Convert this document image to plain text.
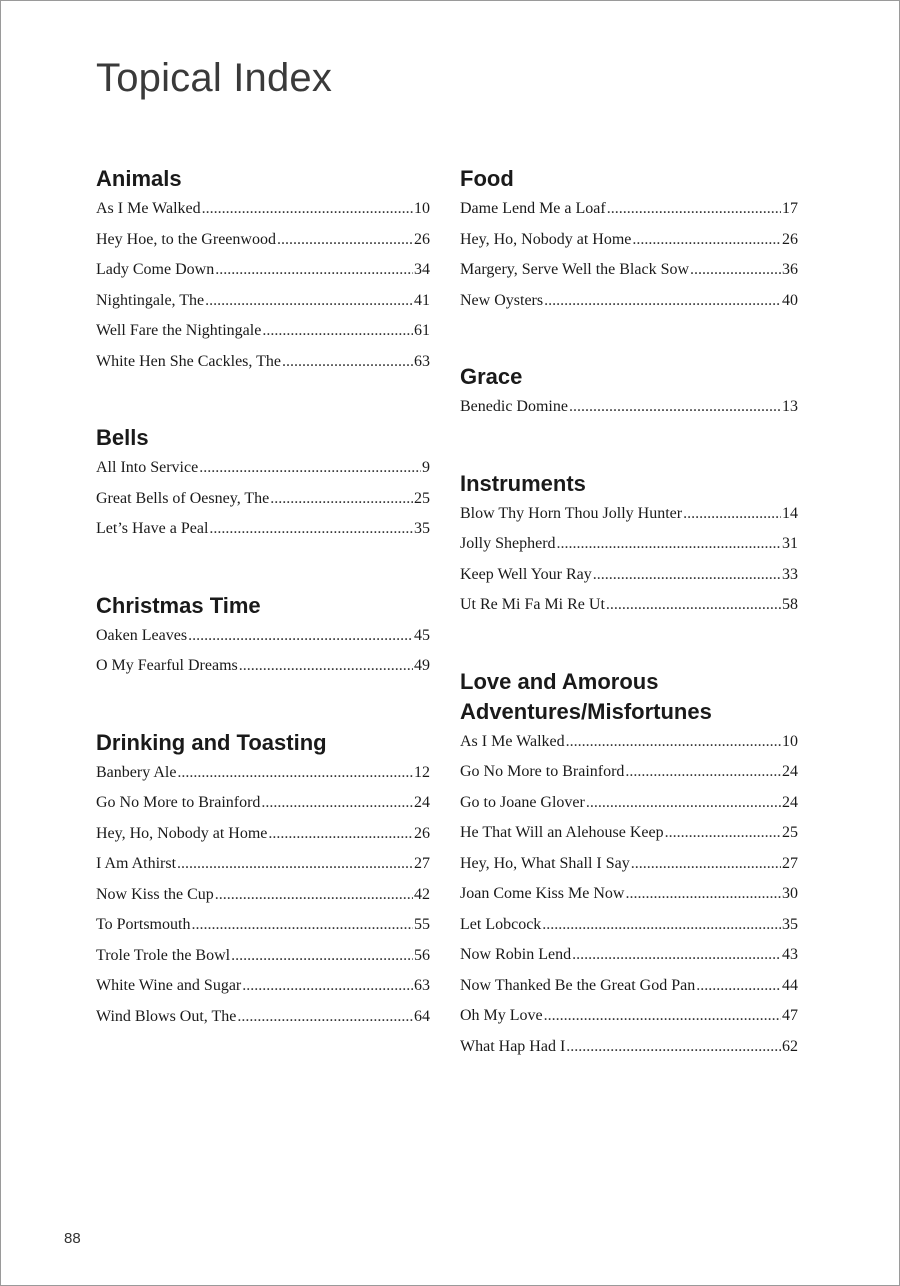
Topical Index
Animals
As I Me Walked .....	10
Hey Hoe, to the Greenwood .....	26
Lady Come Down .....	34
Nightingale, The .....	41
Well Fare the Nightingale .....	61
White Hen She Cackles, The .....	63
Bells
All Into Service .....	9
Great Bells of Oesney, The .....	25
Let’s Have a Peal .....	35
Christmas Time
Oaken Leaves .....	45
O My Fearful Dreams .....	49
Drinking and Toasting
Banbery Ale .....	12
Go No More to Brainford .....	24
Hey, Ho, Nobody at Home .....	26
I Am Athirst .....	27
Now Kiss the Cup .....	42
To Portsmouth .....	55
Trole Trole the Bowl .....	56
White Wine and Sugar .....	63
Wind Blows Out, The .....	64
Food
Dame Lend Me a Loaf .....	17
Hey, Ho, Nobody at Home .....	26
Margery, Serve Well the Black Sow .....	36
New Oysters .....	40
Grace
Benedic Domine .....	13
Instruments
Blow Thy Horn Thou Jolly Hunter .....	14
Jolly Shepherd .....	31
Keep Well Your Ray .....	33
Ut Re Mi Fa Mi Re Ut .....	58
Love and Amorous
Adventures/Misfortunes
As I Me Walked .....	10
Go No More to Brainford .....	24
Go to Joane Glover .....	24
He That Will an Alehouse Keep .....	25
Hey, Ho, What Shall I Say .....	27
Joan Come Kiss Me Now .....	30
Let Lobcock .....	35
Now Robin Lend .....	43
Now Thanked Be the Great God Pan .....	44
Oh My Love .....	47
What Hap Had I .....	62
88
